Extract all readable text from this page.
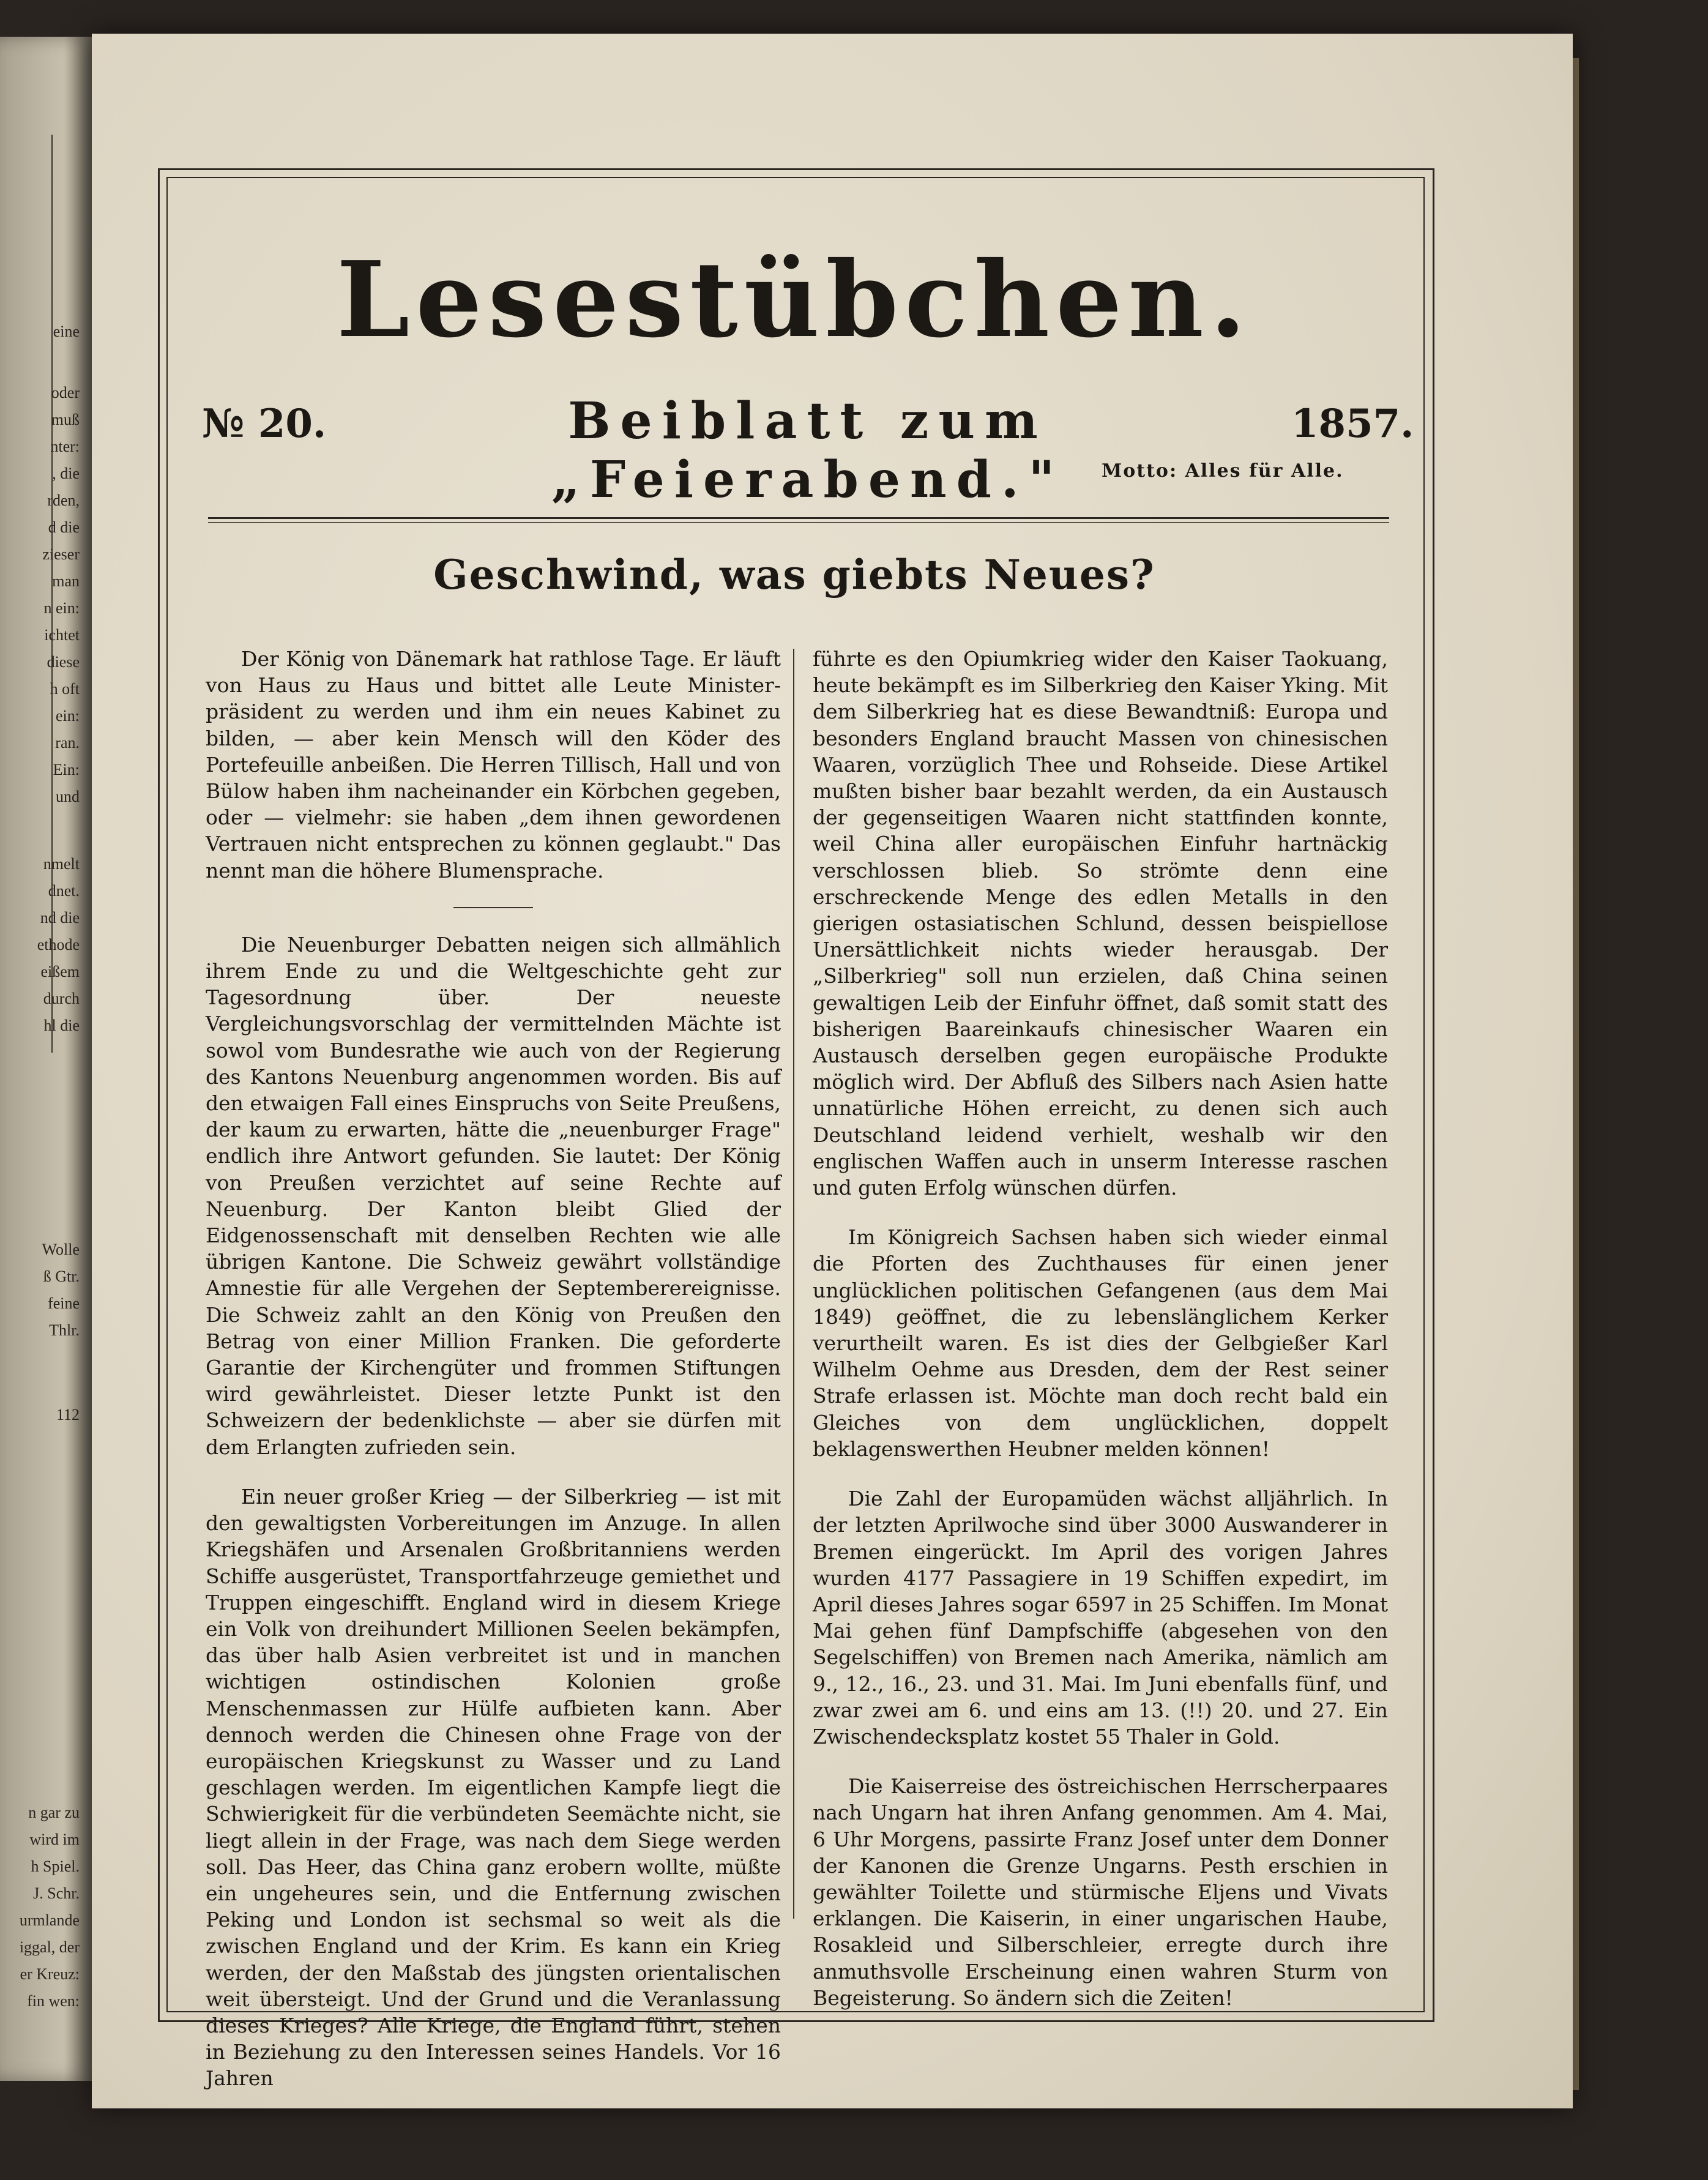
eine
oder
muß
nter:
, die
rden,
d die
zieser
man
n ein:
ichtet
diese
h oft
ein:
ran.
Ein:
und
nmelt
dnet.
nd die
ethode
eißem
durch
hl die
Wolle
ß Gtr.
feine
Thlr.
112
n gar zu
wird im
h Spiel.
J. Schr.
urmlande
iggal, der
er Kreuz:
fin wen:
Lesestübchen.
№ 20.	Beiblatt zum „Feierabend."
1857.
Motto: Alles für Alle.
Geschwind, was giebts Neues?

Der König von Dänemark hat rathlose Tage. Er läuft von Haus zu Haus und bittet alle Leute Ministerpräsident zu werden und ihm ein neues Kabinet zu bilden, — aber kein Mensch will den Köder des Portefeuille anbeißen. Die Herren Tillisch, Hall und von Bülow haben ihm nacheinander ein Körbchen gegeben, oder — vielmehr: sie haben „dem ihnen gewordenen Vertrauen nicht entsprechen zu können geglaubt." Das nennt man die höhere Blumensprache.

Die Neuenburger Debatten neigen sich allmählich ihrem Ende zu und die Weltgeschichte geht zur Tagesordnung über. Der neueste Vergleichungsvorschlag der vermittelnden Mächte ist sowol vom Bundesrathe wie auch von der Regierung des Kantons Neuenburg angenommen worden. Bis auf den etwaigen Fall eines Einspruchs von Seite Preußens, der kaum zu erwarten, hätte die „neuenburger Frage" endlich ihre Antwort gefunden. Sie lautet: Der König von Preußen verzichtet auf seine Rechte auf Neuenburg. Der Kanton bleibt Glied der Eidgenossenschaft mit denselben Rechten wie alle übrigen Kantone. Die Schweiz gewährt vollständige Amnestie für alle Vergehen der Septemberereignisse. Die Schweiz zahlt an den König von Preußen den Betrag von einer Million Franken. Die geforderte Garantie der Kirchengüter und frommen Stiftungen wird gewährleistet. Dieser letzte Punkt ist den Schweizern der bedenklichste — aber sie dürfen mit dem Erlangten zufrieden sein.

Ein neuer großer Krieg — der Silberkrieg — ist mit den gewaltigsten Vorbereitungen im Anzuge. In allen Kriegshäfen und Arsenalen Großbritanniens werden Schiffe ausgerüstet, Transportfahrzeuge gemiethet und Truppen eingeschifft. England wird in diesem Kriege ein Volk von dreihundert Millionen Seelen bekämpfen, das über halb Asien verbreitet ist und in manchen wichtigen ostindischen Kolonien große Menschenmassen zur Hülfe aufbieten kann. Aber dennoch werden die Chinesen ohne Frage von der europäischen Kriegskunst zu Wasser und zu Land geschlagen werden. Im eigentlichen Kampfe liegt die Schwierigkeit für die verbündeten Seemächte nicht, sie liegt allein in der Frage, was nach dem Siege werden soll. Das Heer, das China ganz erobern wollte, müßte ein ungeheures sein, und die Entfernung zwischen Peking und London ist sechsmal so weit als die zwischen England und der Krim. Es kann ein Krieg werden, der den Maßstab des jüngsten orientalischen weit übersteigt. Und der Grund und die Veranlassung dieses Krieges? Alle Kriege, die England führt, stehen in Beziehung zu den Interessen seines Handels. Vor 16 Jahren

führte es den Opiumkrieg wider den Kaiser Taokuang, heute bekämpft es im Silberkrieg den Kaiser Yking. Mit dem Silberkrieg hat es diese Bewandtniß: Europa und besonders England braucht Massen von chinesischen Waaren, vorzüglich Thee und Rohseide. Diese Artikel mußten bisher baar bezahlt werden, da ein Austausch der gegenseitigen Waaren nicht stattfinden konnte, weil China aller europäischen Einfuhr hartnäckig verschlossen blieb. So strömte denn eine erschreckende Menge des edlen Metalls in den gierigen ostasiatischen Schlund, dessen beispiellose Unersättlichkeit nichts wieder herausgab. Der „Silberkrieg" soll nun erzielen, daß China seinen gewaltigen Leib der Einfuhr öffnet, daß somit statt des bisherigen Baareinkaufs chinesischer Waaren ein Austausch derselben gegen europäische Produkte möglich wird. Der Abfluß des Silbers nach Asien hatte unnatürliche Höhen erreicht, zu denen sich auch Deutschland leidend verhielt, weshalb wir den englischen Waffen auch in unserm Interesse raschen und guten Erfolg wünschen dürfen.

Im Königreich Sachsen haben sich wieder einmal die Pforten des Zuchthauses für einen jener unglücklichen politischen Gefangenen (aus dem Mai 1849) geöffnet, die zu lebenslänglichem Kerker verurtheilt waren. Es ist dies der Gelbgießer Karl Wilhelm Oehme aus Dresden, dem der Rest seiner Strafe erlassen ist. Möchte man doch recht bald ein Gleiches von dem unglücklichen, doppelt beklagenswerthen Heubner melden können!

Die Zahl der Europamüden wächst alljährlich. In der letzten Aprilwoche sind über 3000 Auswanderer in Bremen eingerückt. Im April des vorigen Jahres wurden 4177 Passagiere in 19 Schiffen expedirt, im April dieses Jahres sogar 6597 in 25 Schiffen. Im Monat Mai gehen fünf Dampfschiffe (abgesehen von den Segelschiffen) von Bremen nach Amerika, nämlich am 9., 12., 16., 23. und 31. Mai. Im Juni ebenfalls fünf, und zwar zwei am 6. und eins am 13. (!!) 20. und 27. Ein Zwischendecksplatz kostet 55 Thaler in Gold.

Die Kaiserreise des östreichischen Herrscherpaares nach Ungarn hat ihren Anfang genommen. Am 4. Mai, 6 Uhr Morgens, passirte Franz Josef unter dem Donner der Kanonen die Grenze Ungarns. Pesth erschien in gewählter Toilette und stürmische Eljens und Vivats erklangen. Die Kaiserin, in einer ungarischen Haube, Rosakleid und Silberschleier, erregte durch ihre anmuthsvolle Erscheinung einen wahren Sturm von Begeisterung. So ändern sich die Zeiten!
